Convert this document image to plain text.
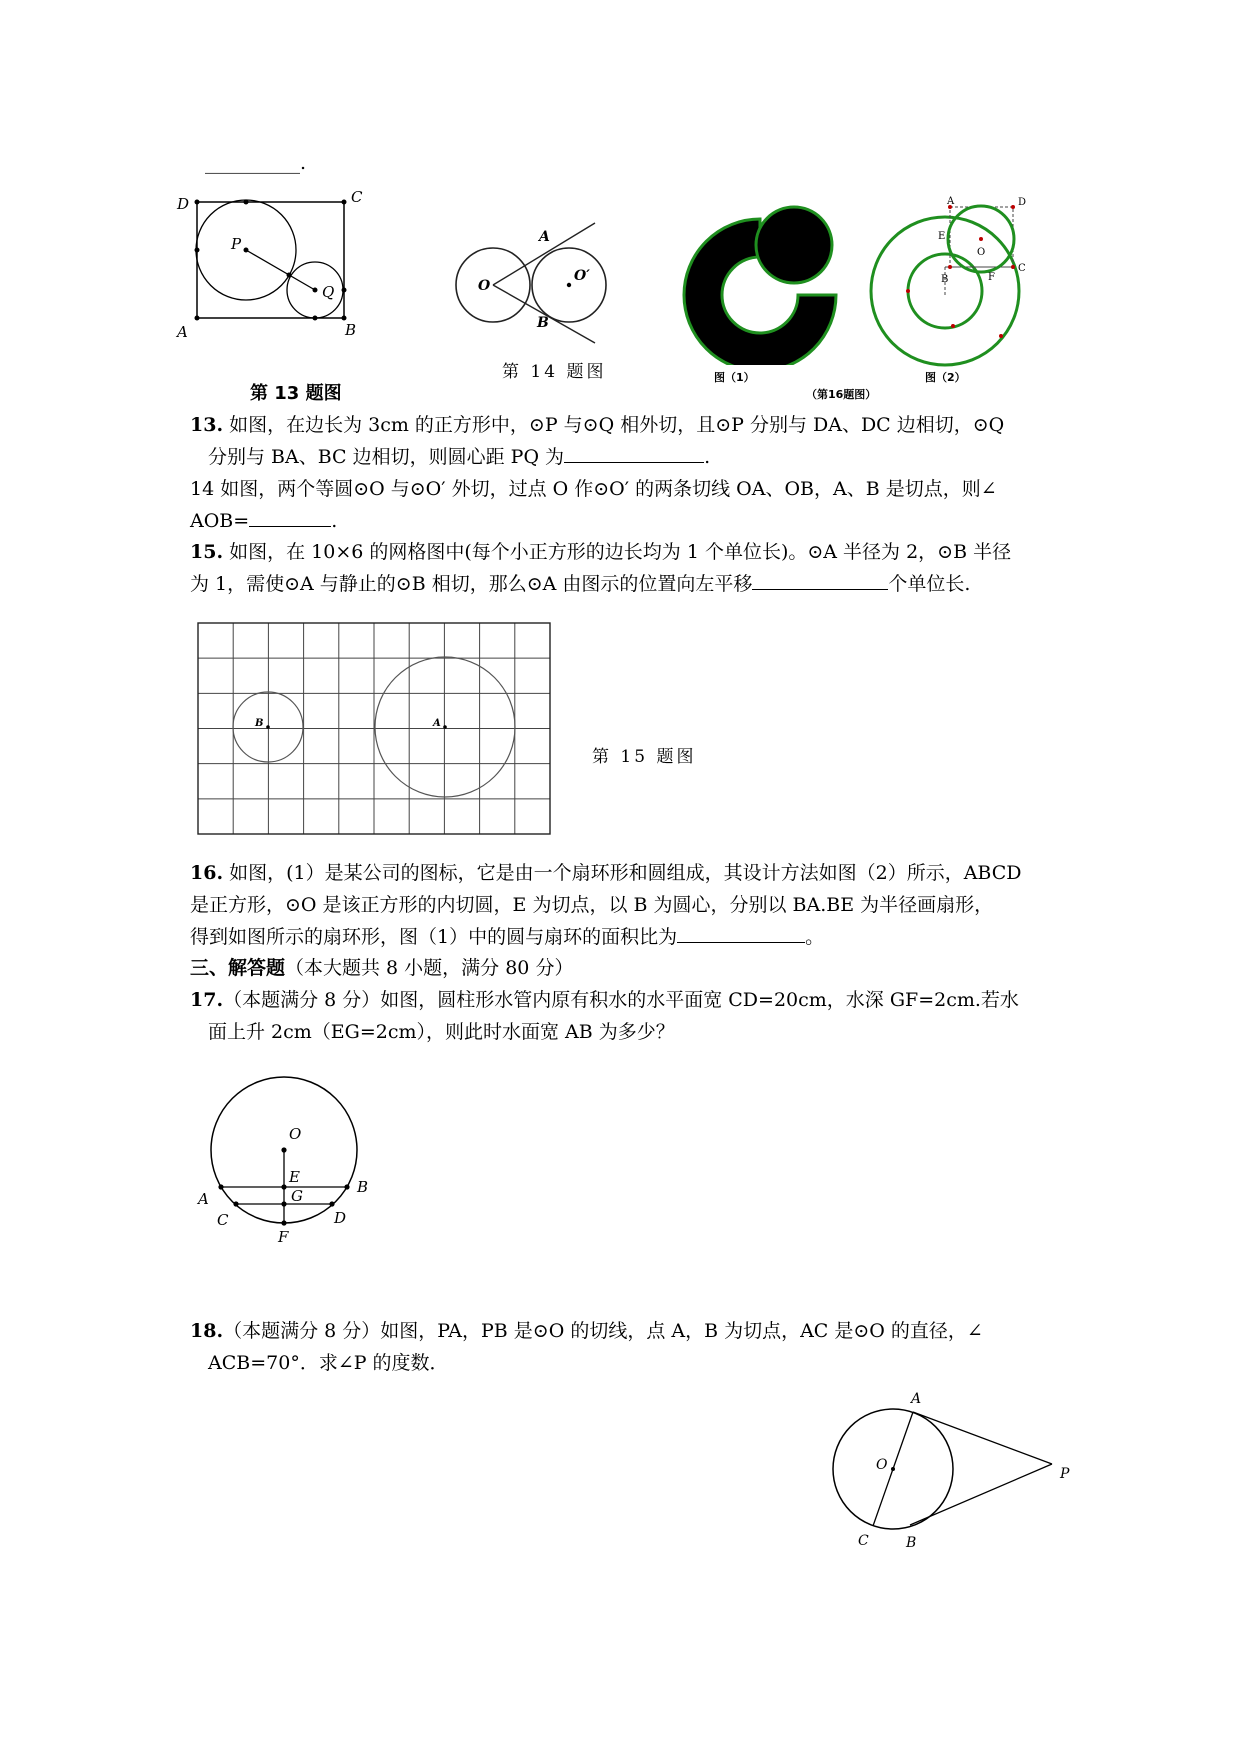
__________.
D	C
A	B
P
Q
第 13 题图
O
O′
A
B
第 14 题图	图（1）
（第16题图）
A	D
E
O
B	F
C
图（2）
13. 如图，在边长为 3cm 的正方形中，⊙P 与⊙Q 相外切，且⊙P 分别与 DA、DC 边相切，⊙Q
分别与 BA、BC 边相切，则圆心距 PQ 为	.
14 如图，两个等圆⊙O 与⊙O′ 外切，过点 O 作⊙O′ 的两条切线 OA、OB，A、B 是切点，则∠
AOB=	.
15. 如图，在 10×6 的网格图中(每个小正方形的边长均为 1 个单位长)。⊙A 半径为 2，⊙B 半径
为 1，需使⊙A 与静止的⊙B 相切，那么⊙A 由图示的位置向左平移	个单位长.
B	A
第 15 题图
16. 如图，(1）是某公司的图标，它是由一个扇环形和圆组成，其设计方法如图（2）所示，ABCD
是正方形，⊙O 是该正方形的内切圆，E 为切点，以 B 为圆心，分别以 BA.BE 为半径画扇形，
得到如图所示的扇环形，图（1）中的圆与扇环的面积比为	。
三、解答题（本大题共 8 小题，满分 80 分）
17.（本题满分 8 分）如图，圆柱形水管内原有积水的水平面宽 CD=20cm，水深 GF=2cm.若水
面上升 2cm（EG=2cm），则此时水面宽 AB 为多少？
O
E
A
B
G
C	D
F
18.（本题满分 8 分）如图，PA，PB 是⊙O 的切线，点 A，B 为切点，AC 是⊙O 的直径，∠
ACB=70°．求∠P 的度数．
A
O
P
C	B
